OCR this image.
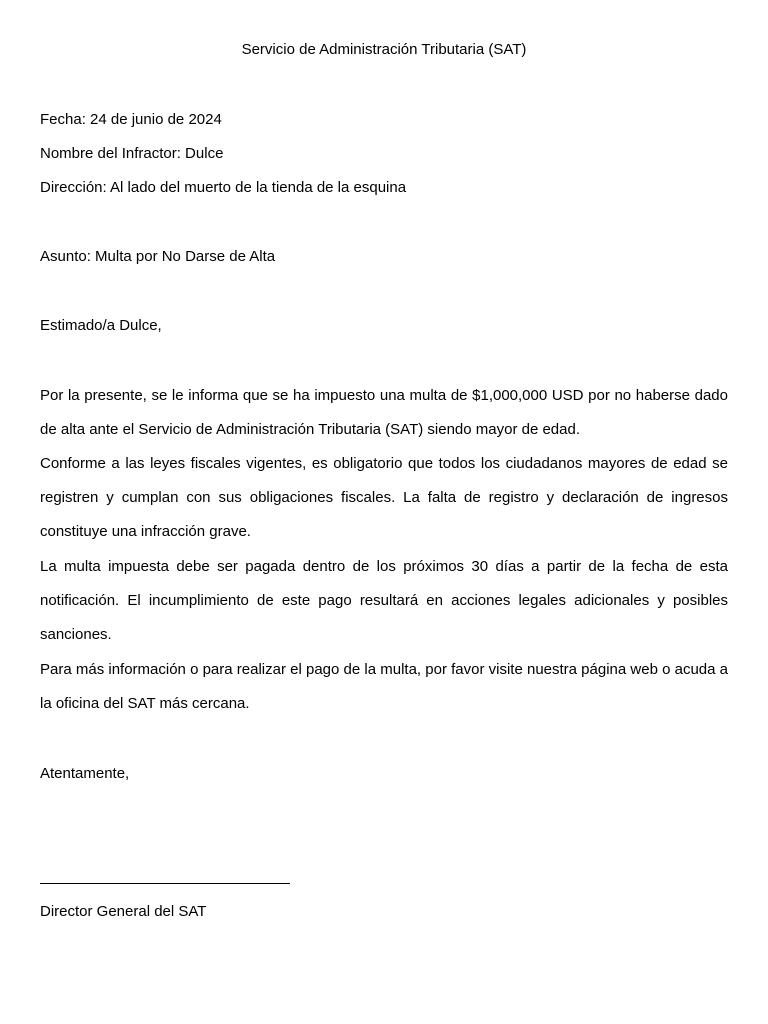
Servicio de Administración Tributaria (SAT)
Fecha: 24 de junio de 2024
Nombre del Infractor: Dulce
Dirección: Al lado del muerto de la tienda de la esquina
Asunto: Multa por No Darse de Alta
Estimado/a Dulce,
Por la presente, se le informa que se ha impuesto una multa de $1,000,000 USD por no haberse dado de alta ante el Servicio de Administración Tributaria (SAT) siendo mayor de edad.
Conforme a las leyes fiscales vigentes, es obligatorio que todos los ciudadanos mayores de edad se registren y cumplan con sus obligaciones fiscales. La falta de registro y declaración de ingresos constituye una infracción grave.
La multa impuesta debe ser pagada dentro de los próximos 30 días a partir de la fecha de esta notificación. El incumplimiento de este pago resultará en acciones legales adicionales y posibles sanciones.
Para más información o para realizar el pago de la multa, por favor visite nuestra página web o acuda a la oficina del SAT más cercana.
Atentamente,
Director General del SAT
